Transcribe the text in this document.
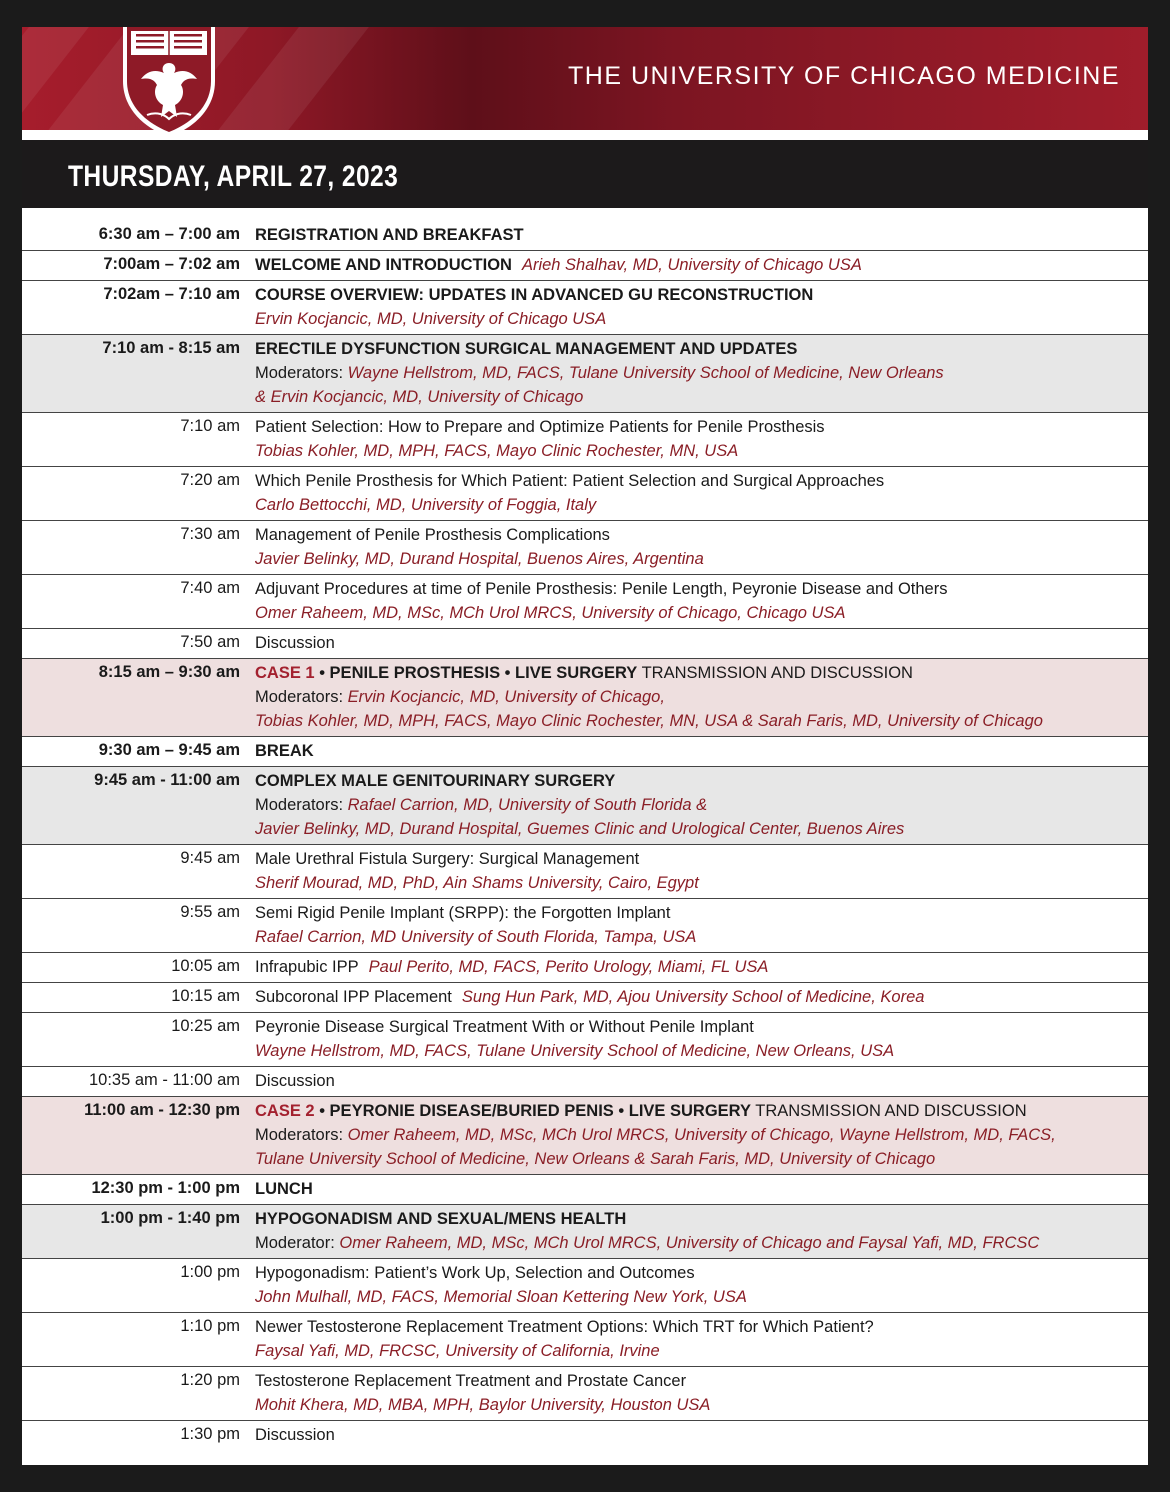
THE UNIVERSITY OF CHICAGO MEDICINE
THURSDAY, APRIL 27, 2023
6:30 am – 7:00 am REGISTRATION AND BREAKFAST
7:00am – 7:02 am WELCOME AND INTRODUCTION Arieh Shalhav, MD, University of Chicago USA
7:02am – 7:10 am COURSE OVERVIEW: UPDATES IN ADVANCED GU RECONSTRUCTION
Ervin Kocjancic, MD, University of Chicago USA
7:10 am - 8:15 am ERECTILE DYSFUNCTION SURGICAL MANAGEMENT AND UPDATES
Moderators: Wayne Hellstrom, MD, FACS, Tulane University School of Medicine, New Orleans
& Ervin Kocjancic, MD, University of Chicago
7:10 am Patient Selection: How to Prepare and Optimize Patients for Penile Prosthesis
Tobias Kohler, MD, MPH, FACS, Mayo Clinic Rochester, MN, USA
7:20 am Which Penile Prosthesis for Which Patient: Patient Selection and Surgical Approaches
Carlo Bettocchi, MD, University of Foggia, Italy
7:30 am Management of Penile Prosthesis Complications
Javier Belinky, MD, Durand Hospital, Buenos Aires, Argentina
7:40 am Adjuvant Procedures at time of Penile Prosthesis: Penile Length, Peyronie Disease and Others
Omer Raheem, MD, MSc, MCh Urol MRCS, University of Chicago, Chicago USA
7:50 am Discussion
8:15 am – 9:30 am CASE 1 • PENILE PROSTHESIS • LIVE SURGERY TRANSMISSION AND DISCUSSION
Moderators: Ervin Kocjancic, MD, University of Chicago,
Tobias Kohler, MD, MPH, FACS, Mayo Clinic Rochester, MN, USA & Sarah Faris, MD, University of Chicago
9:30 am – 9:45 am BREAK
9:45 am - 11:00 am COMPLEX MALE GENITOURINARY SURGERY
Moderators: Rafael Carrion, MD, University of South Florida &
Javier Belinky, MD, Durand Hospital, Guemes Clinic and Urological Center, Buenos Aires
9:45 am Male Urethral Fistula Surgery: Surgical Management
Sherif Mourad, MD, PhD, Ain Shams University, Cairo, Egypt
9:55 am Semi Rigid Penile Implant (SRPP): the Forgotten Implant
Rafael Carrion, MD University of South Florida, Tampa, USA
10:05 am Infrapubic IPP Paul Perito, MD, FACS, Perito Urology, Miami, FL USA
10:15 am Subcoronal IPP Placement Sung Hun Park, MD, Ajou University School of Medicine, Korea
10:25 am Peyronie Disease Surgical Treatment With or Without Penile Implant
Wayne Hellstrom, MD, FACS, Tulane University School of Medicine, New Orleans, USA
10:35 am - 11:00 am Discussion
11:00 am - 12:30 pm CASE 2 • PEYRONIE DISEASE/BURIED PENIS • LIVE SURGERY TRANSMISSION AND DISCUSSION
Moderators: Omer Raheem, MD, MSc, MCh Urol MRCS, University of Chicago, Wayne Hellstrom, MD, FACS,
Tulane University School of Medicine, New Orleans & Sarah Faris, MD, University of Chicago
12:30 pm - 1:00 pm LUNCH
1:00 pm - 1:40 pm HYPOGONADISM AND SEXUAL/MENS HEALTH
Moderator: Omer Raheem, MD, MSc, MCh Urol MRCS, University of Chicago and Faysal Yafi, MD, FRCSC
1:00 pm Hypogonadism: Patient’s Work Up, Selection and Outcomes
John Mulhall, MD, FACS, Memorial Sloan Kettering New York, USA
1:10 pm Newer Testosterone Replacement Treatment Options: Which TRT for Which Patient?
Faysal Yafi, MD, FRCSC, University of California, Irvine
1:20 pm Testosterone Replacement Treatment and Prostate Cancer
Mohit Khera, MD, MBA, MPH, Baylor University, Houston USA
1:30 pm Discussion
